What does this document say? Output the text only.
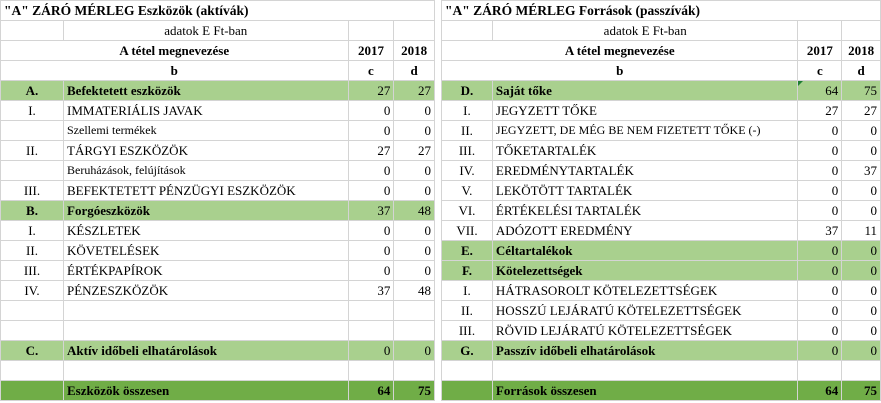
"A" ZÁRÓ MÉRLEG Eszközök (aktívák)			
	adatok E Ft-ban		
A tétel megnevezése		2017	2018
b		c	d
A.	Befektetett eszközök	27	27
I.	IMMATERIÁLIS JAVAK	0	0
	Szellemi termékek	0	0
II.	TÁRGYI ESZKÖZÖK	27	27
	Beruházások, felújítások	0	0
III.	BEFEKTETETT PÉNZÜGYI ESZKÖZÖK	0	0
B.	Forgóeszközök	37	48
I.	KÉSZLETEK	0	0
II.	KÖVETELÉSEK	0	0
III.	ÉRTÉKPAPÍROK	0	0
IV.	PÉNZESZKÖZÖK	37	48

C.	Aktív időbeli elhatárolások	0	0

	Eszközök összesen	64	75
"A" ZÁRÓ MÉRLEG Források (passzívák)			
	adatok E Ft-ban		
A tétel megnevezése		2017	2018
b		c	d
D.	Saját tőke	64	75
I.	JEGYZETT TŐKE	27	27
II.	JEGYZETT, DE MÉG BE NEM FIZETETT TŐKE (-)	0	0
III.	TŐKETARTALÉK	0	0
IV.	EREDMÉNYTARTALÉK	0	37
V.	LEKÖTÖTT TARTALÉK	0	0
VI.	ÉRTÉKELÉSI TARTALÉK	0	0
VII.	ADÓZOTT EREDMÉNY	37	11
E.	Céltartalékok	0	0
F.	Kötelezettségek	0	0
I.	HÁTRASOROLT KÖTELEZETTSÉGEK	0	0
II.	HOSSZÚ LEJÁRATÚ KÖTELEZETTSÉGEK	0	0
III.	RÖVID LEJÁRATÚ KÖTELEZETTSÉGEK	0	0
G.	Passzív időbeli elhatárolások	0	0

	Források összesen	64	75
